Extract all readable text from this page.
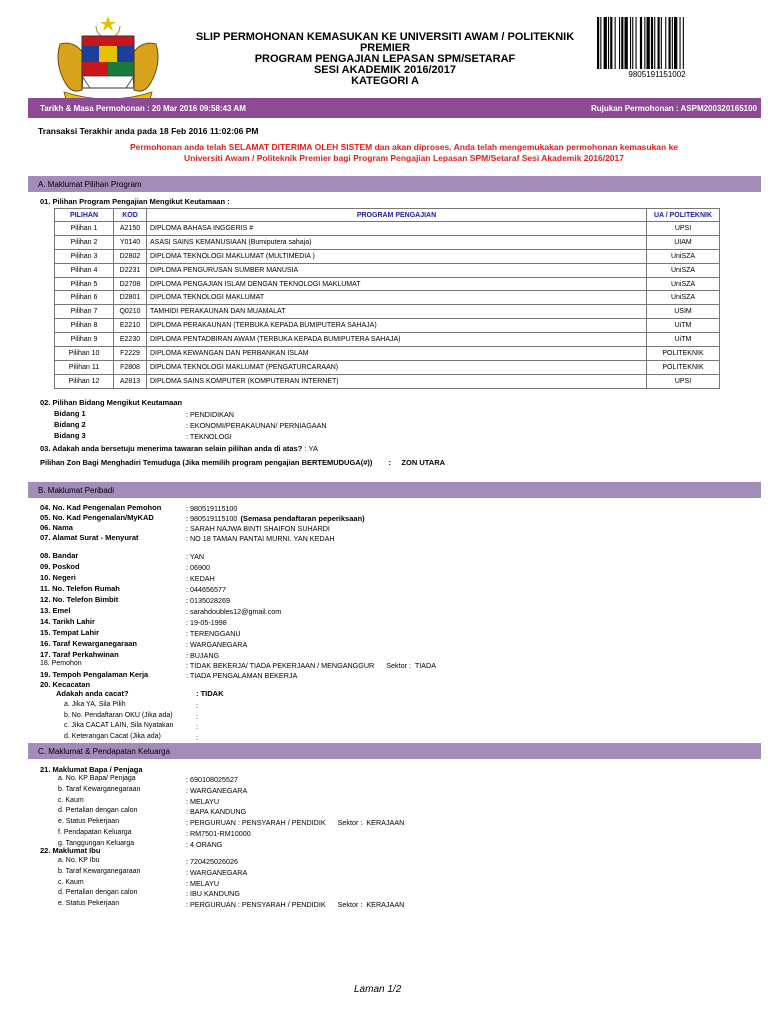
SLIP PERMOHONAN KEMASUKAN KE UNIVERSITI AWAM / POLITEKNIK PREMIER
PROGRAM PENGAJIAN LEPASAN SPM/SETARAF
SESI AKADEMIK 2016/2017
KATEGORI A
9805191151002
Tarikh & Masa Permohonan : 20 Mar 2016 09:58:43 AM	Rujukan Permohonan : ASPM200320165100
Transaksi Terakhir anda pada 18 Feb 2016 11:02:06 PM
Permohonan anda telah SELAMAT DITERIMA OLEH SISTEM dan akan diproses. Anda telah mengemukakan permohonan kemasukan ke
Universiti Awam / Politeknik Premier bagi Program Pengajian Lepasan SPM/Setaraf Sesi Akademik 2016/2017
A. Maklumat Pilihan Program
01. Pilihan Program Pengajian Mengikut Keutamaan :
PILIHAN	KOD	PROGRAM PENGAJIAN	UA / POLITEKNIK
Pilihan 1	A2150	DIPLOMA BAHASA INGGERIS #	UPSI
Pilihan 2	Y0140	ASASI SAINS KEMANUSIAAN (Bumiputera sahaja)	UIAM
Pilihan 3	D2802	DIPLOMA TEKNOLOGI MAKLUMAT (MULTIMEDIA )	UniSZA
Pilihan 4	D2231	DIPLOMA PENGURUSAN SUMBER MANUSIA	UniSZA
Pilihan 5	D2708	DIPLOMA PENGAJIAN ISLAM DENGAN TEKNOLOGI MAKLUMAT	UniSZA
Pilihan 6	D2801	DIPLOMA TEKNOLOGI MAKLUMAT	UniSZA
Pilihan 7	Q0210	TAMHIDI PERAKAUNAN DAN MUAMALAT	USIM
Pilihan 8	E2210	DIPLOMA PERAKAUNAN (TERBUKA KEPADA BUMIPUTERA SAHAJA)	UiTM
Pilihan 9	E2230	DIPLOMA PENTADBIRAN AWAM (TERBUKA KEPADA BUMIPUTERA SAHAJA)	UiTM
Pilihan 10	F2229	DIPLOMA KEWANGAN DAN PERBANKAN ISLAM	POLITEKNIK
Pilihan 11	F2808	DIPLOMA TEKNOLOGI MAKLUMAT (PENGATURCARAAN)	POLITEKNIK
Pilihan 12	A2813	DIPLOMA SAINS KOMPUTER (KOMPUTERAN INTERNET)	UPSI
02. Pilihan Bidang Mengikut Keutamaan
Bidang 1	: PENDIDIKAN
Bidang 2	: EKONOMI/PERAKAUNAN/ PERNIAGAAN
Bidang 3	: TEKNOLOGI
03. Adakah anda bersetuju menerima tawaran selain pilihan anda di atas? : YA
Pilihan Zon Bagi Menghadiri Temuduga (Jika memilih program pengajian BERTEMUDUGA(#)) :     ZON UTARA
B. Maklumat Peribadi
04. No. Kad Pengenalan Pemohon	: 980519115100
05. No. Kad Pengenalan/MyKAD	: 980519115100 (Semasa pendaftaran peperiksaan)
06. Nama	: SARAH NAJWA BINTI SHAIFON SUHARDI
07. Alamat Surat - Menyurat	: NO 18 TAMAN PANTAI MURNI. YAN KEDAH
08. Bandar	: YAN
09. Poskod	: 06900
10. Negeri	: KEDAH
11. No. Telefon Rumah	: 044656577
12. No. Telefon Bimbit	: 0135028269
13. Emel	: sarahdoubles12@gmail.com
14. Tarikh Lahir	: 19-05-1998
15. Tempat Lahir	: TERENGGANU
16. Taraf Kewarganegaraan	: WARGANEGARA
17. Taraf Perkahwinan	: BUJANG
18. Pemohon	: TIDAK BEKERJA/ TIADA PEKERJAAN / MENGANGGUR      Sektor :  TIADA
19. Tempoh Pengalaman Kerja	: TIADA PENGALAMAN BEKERJA
20. Kecacatan
Adakah anda cacat?	: TIDAK
a. Jika YA, Sila Pilih	:
b. No. Pendaftaran OKU (Jika ada)	:
c. Jika CACAT LAIN, Sila Nyatakan	:
d. Keterangan Cacat (Jika ada)	:
C. Maklumat & Pendapatan Keluarga
21. Maklumat Bapa / Penjaga
a. No. KP Bapa/ Penjaga	: 690108025527
b. Taraf Kewarganegaraan	: WARGANEGARA
c. Kaum	: MELAYU
d. Pertalian dengan calon	: BAPA KANDUNG
e. Status Pekerjaan	: PERGURUAN : PENSYARAH / PENDIDIK      Sektor :  KERAJAAN
f. Pendapatan Keluarga	: RM7501-RM10000
g. Tanggungan Keluarga	: 4 ORANG
22. Maklumat Ibu
a. No. KP Ibu	: 720425026026
b. Taraf Kewarganegaraan	: WARGANEGARA
c. Kaum	: MELAYU
d. Pertalian dengan calon	: IBU KANDUNG
e. Status Pekerjaan	: PERGURUAN : PENSYARAH / PENDIDIK      Sektor :  KERAJAAN
Laman 1/2
